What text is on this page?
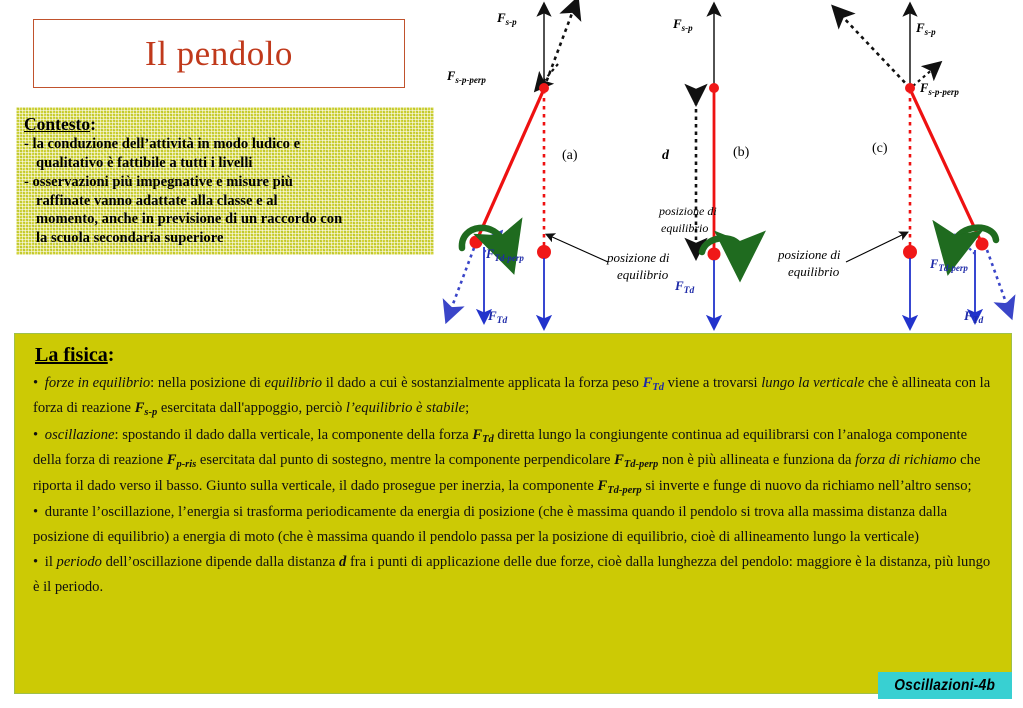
Il pendolo
Contesto:
- la conduzione dell’attività in modo ludico e
qualitativo è fattibile a tutti i livelli
- osservazioni più impegnative e misure più
raffinate vanno adattate alla classe e al
momento, anche in previsione di un raccordo con
la scuola secondaria superiore
$F_{s-p}$
$F_{s-p-perp}$
$F_{Td-perp}$
$F_{Td}$
(a)
posizione di
equilibrio
$F_{s-p}$
d	(b)
posizione di
equilibrio
$F_{Td}$
$F_{s-p}$
$F_{s-p-perp}$
(c)
posizione di
equilibrio	$F_{Td-perp}$
$F_{Td}$
La fisica:
• forze in equilibrio: nella posizione di equilibrio il dado a cui è sostanzialmente applicata la forza peso $F_{Td}$ viene a trovarsi lungo la verticale che è allineata con la forza di reazione $F_{s-p}$ esercitata dall'appoggio, perciò l’equilibrio è stabile;
• oscillazione: spostando il dado dalla verticale, la componente della forza $F_{Td}$ diretta lungo la congiungente continua ad equilibrarsi con l’analoga componente della forza di reazione $F_{p-ris}$ esercitata dal punto di sostegno, mentre la componente perpendicolare $F_{Td-perp}$ non è più allineata e funziona da forza di richiamo che riporta il dado verso il basso. Giunto sulla verticale, il dado prosegue per inerzia, la componente $F_{Td-perp}$ si inverte e funge di nuovo da richiamo nell’altro senso;
• durante l’oscillazione, l’energia si trasforma periodicamente da energia di posizione (che è massima quando il pendolo si trova alla massima distanza dalla posizione di equilibrio) a energia di moto (che è massima quando il pendolo passa per la posizione di equilibrio, cioè di allineamento lungo la verticale)
• il periodo dell’oscillazione dipende dalla distanza d fra i punti di applicazione delle due forze, cioè dalla lunghezza del pendolo: maggiore è la distanza, più lungo è il periodo.
Oscillazioni-4b
